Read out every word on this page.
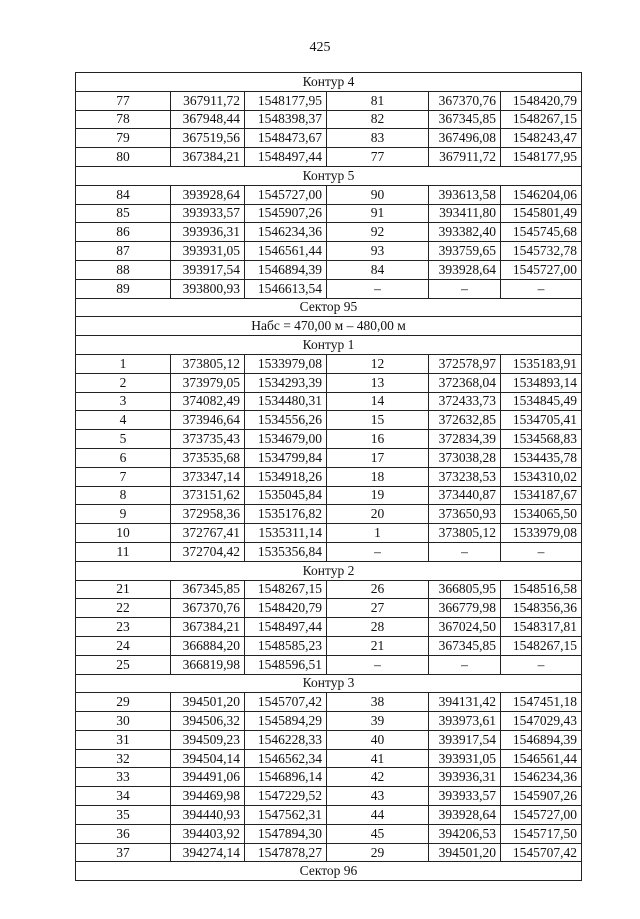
425
Контур 4					
77	367911,72	1548177,95	81	367370,76	1548420,79
78	367948,44	1548398,37	82	367345,85	1548267,15
79	367519,56	1548473,67	83	367496,08	1548243,47
80	367384,21	1548497,44	77	367911,72	1548177,95
Контур 5					
84	393928,64	1545727,00	90	393613,58	1546204,06
85	393933,57	1545907,26	91	393411,80	1545801,49
86	393936,31	1546234,36	92	393382,40	1545745,68
87	393931,05	1546561,44	93	393759,65	1545732,78
88	393917,54	1546894,39	84	393928,64	1545727,00
89	393800,93	1546613,54	–	–	–
Сектор 95					
Набс = 470,00 м – 480,00 м					
Контур 1					
1	373805,12	1533979,08	12	372578,97	1535183,91
2	373979,05	1534293,39	13	372368,04	1534893,14
3	374082,49	1534480,31	14	372433,73	1534845,49
4	373946,64	1534556,26	15	372632,85	1534705,41
5	373735,43	1534679,00	16	372834,39	1534568,83
6	373535,68	1534799,84	17	373038,28	1534435,78
7	373347,14	1534918,26	18	373238,53	1534310,02
8	373151,62	1535045,84	19	373440,87	1534187,67
9	372958,36	1535176,82	20	373650,93	1534065,50
10	372767,41	1535311,14	1	373805,12	1533979,08
11	372704,42	1535356,84	–	–	–
Контур 2					
21	367345,85	1548267,15	26	366805,95	1548516,58
22	367370,76	1548420,79	27	366779,98	1548356,36
23	367384,21	1548497,44	28	367024,50	1548317,81
24	366884,20	1548585,23	21	367345,85	1548267,15
25	366819,98	1548596,51	–	–	–
Контур 3					
29	394501,20	1545707,42	38	394131,42	1547451,18
30	394506,32	1545894,29	39	393973,61	1547029,43
31	394509,23	1546228,33	40	393917,54	1546894,39
32	394504,14	1546562,34	41	393931,05	1546561,44
33	394491,06	1546896,14	42	393936,31	1546234,36
34	394469,98	1547229,52	43	393933,57	1545907,26
35	394440,93	1547562,31	44	393928,64	1545727,00
36	394403,92	1547894,30	45	394206,53	1545717,50
37	394274,14	1547878,27	29	394501,20	1545707,42
Сектор 96					
